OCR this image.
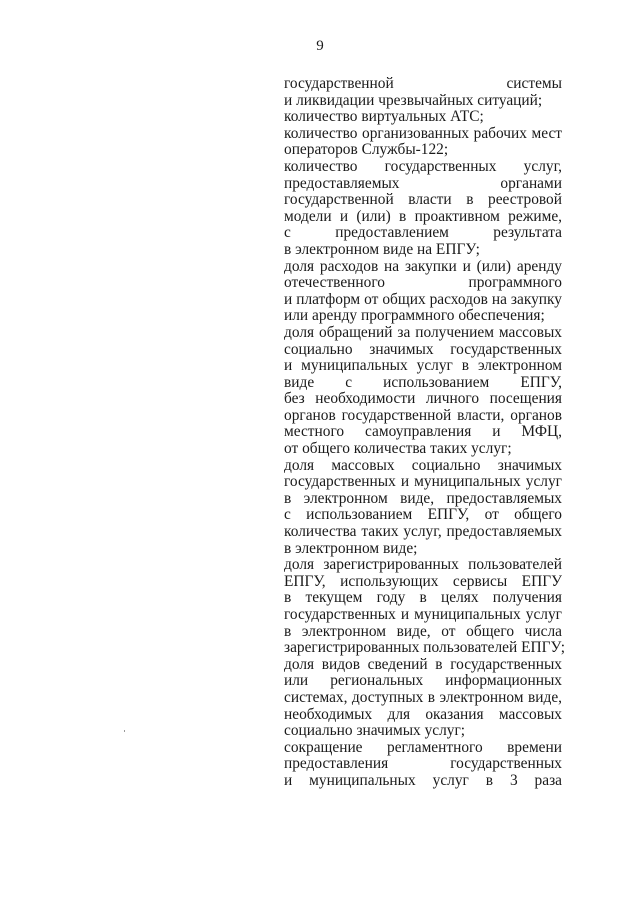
9
государственной системы
и ликвидации чрезвычайных ситуаций;
количество виртуальных АТС;
количество организованных рабочих мест
операторов Службы-122;
количество государственных услуг,
предоставляемых органами
государственной власти в реестровой
модели и (или) в проактивном режиме,
с предоставлением результата
в электронном виде на ЕПГУ;
доля расходов на закупки и (или) аренду
отечественного программного
и платформ от общих расходов на закупку
или аренду программного обеспечения;
доля обращений за получением массовых
социально значимых государственных
и муниципальных услуг в электронном
виде с использованием ЕПГУ,
без необходимости личного посещения
органов государственной власти, органов
местного самоуправления и МФЦ,
от общего количества таких услуг;
доля массовых социально значимых
государственных и муниципальных услуг
в электронном виде, предоставляемых
с использованием ЕПГУ, от общего
количества таких услуг, предоставляемых
в электронном виде;
доля зарегистрированных пользователей
ЕПГУ, использующих сервисы ЕПГУ
в текущем году в целях получения
государственных и муниципальных услуг
в электронном виде, от общего числа
зарегистрированных пользователей ЕПГУ;
доля видов сведений в государственных
или региональных информационных
системах, доступных в электронном виде,
необходимых для оказания массовых
социально значимых услуг;
сокращение регламентного времени
предоставления государственных
и муниципальных услуг в 3 раза
